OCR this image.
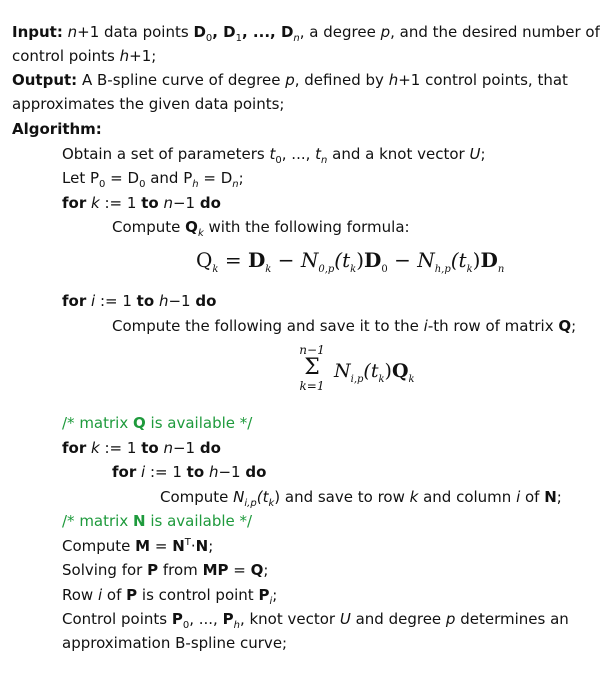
Input: n+1 data points $D_0$, $D_1$, ..., $D_n$, a degree p, and the desired number of
control points h+1;
Output: A B-spline curve of degree p, defined by h+1 control points, that
approximates the given data points;
Algorithm:
Obtain a set of parameters $t_0$, ..., $t_n$ and a knot vector U;
Let $P_0 = D_0$ and $P_h = D_n$;
for k := 1 to n−1 do
Compute $Q_k$ with the following formula:
$Q_k = D_k - N_{0,p}(t_k)D_0 - N_{h,p}(t_k)D_n$
for i := 1 to h−1 do
Compute the following and save it to the i-th row of matrix Q;
n−1
Σ
k=1
$N_{i,p}(t_k)Q_k$
/* matrix Q is available */
for k := 1 to n−1 do
for i := 1 to h−1 do
Compute $N_{i,p}(t_k)$ and save to row k and column i of N;
/* matrix N is available */
Compute $M = N^T\cdot N$;
Solving for P from MP = Q;
Row i of P is control point $P_i$;
Control points $P_0$, ..., $P_h$, knot vector U and degree p determines an
approximation B-spline curve;
